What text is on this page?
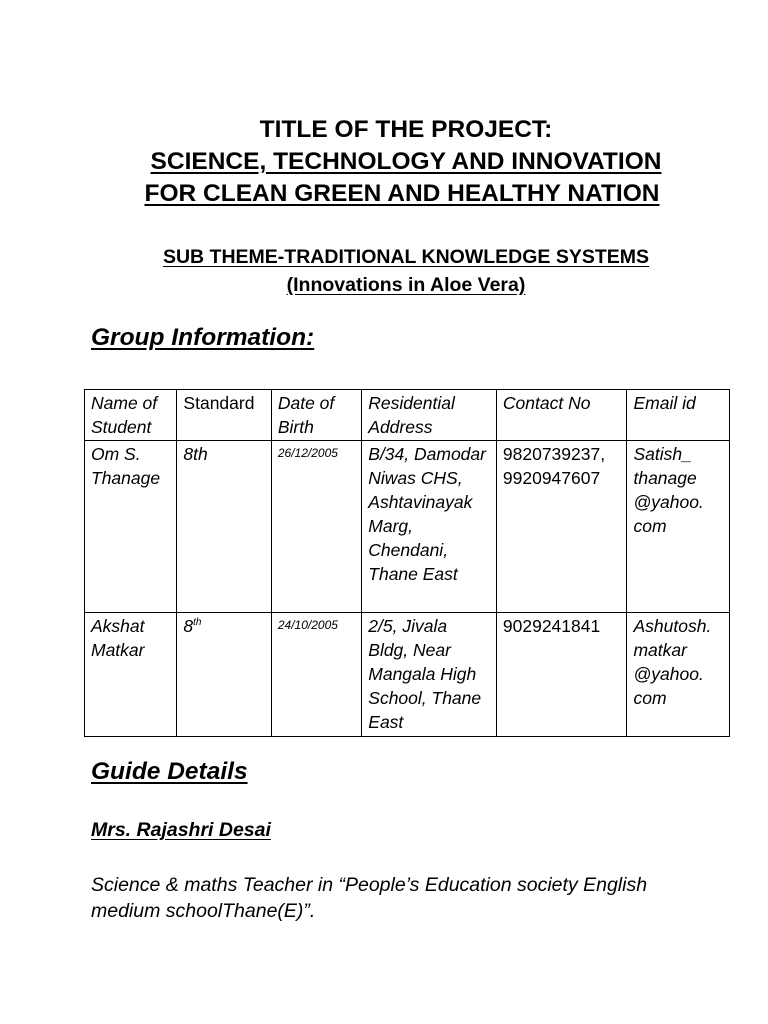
TITLE OF THE PROJECT:
SCIENCE, TECHNOLOGY AND INNOVATION
FOR CLEAN GREEN AND HEALTHY NATION
SUB THEME-TRADITIONAL KNOWLEDGE SYSTEMS
(Innovations in Aloe Vera)
Group Information:
Name of Student	Standard	Date of Birth	Residential Address	Contact No	Email id
Om S. Thanage	8th	26/12/2005	B/34, Damodar Niwas CHS, Ashtavinayak Marg, Chendani, Thane East	9820739237, 9920947607	Satish_ thanage @yahoo. com
Akshat Matkar	8th	24/10/2005	2/5, Jivala Bldg, Near Mangala High School, Thane East	9029241841	Ashutosh. matkar @yahoo. com
Guide Details
Mrs. Rajashri Desai
Science & maths Teacher in “People’s Education society English medium schoolThane(E)”.
